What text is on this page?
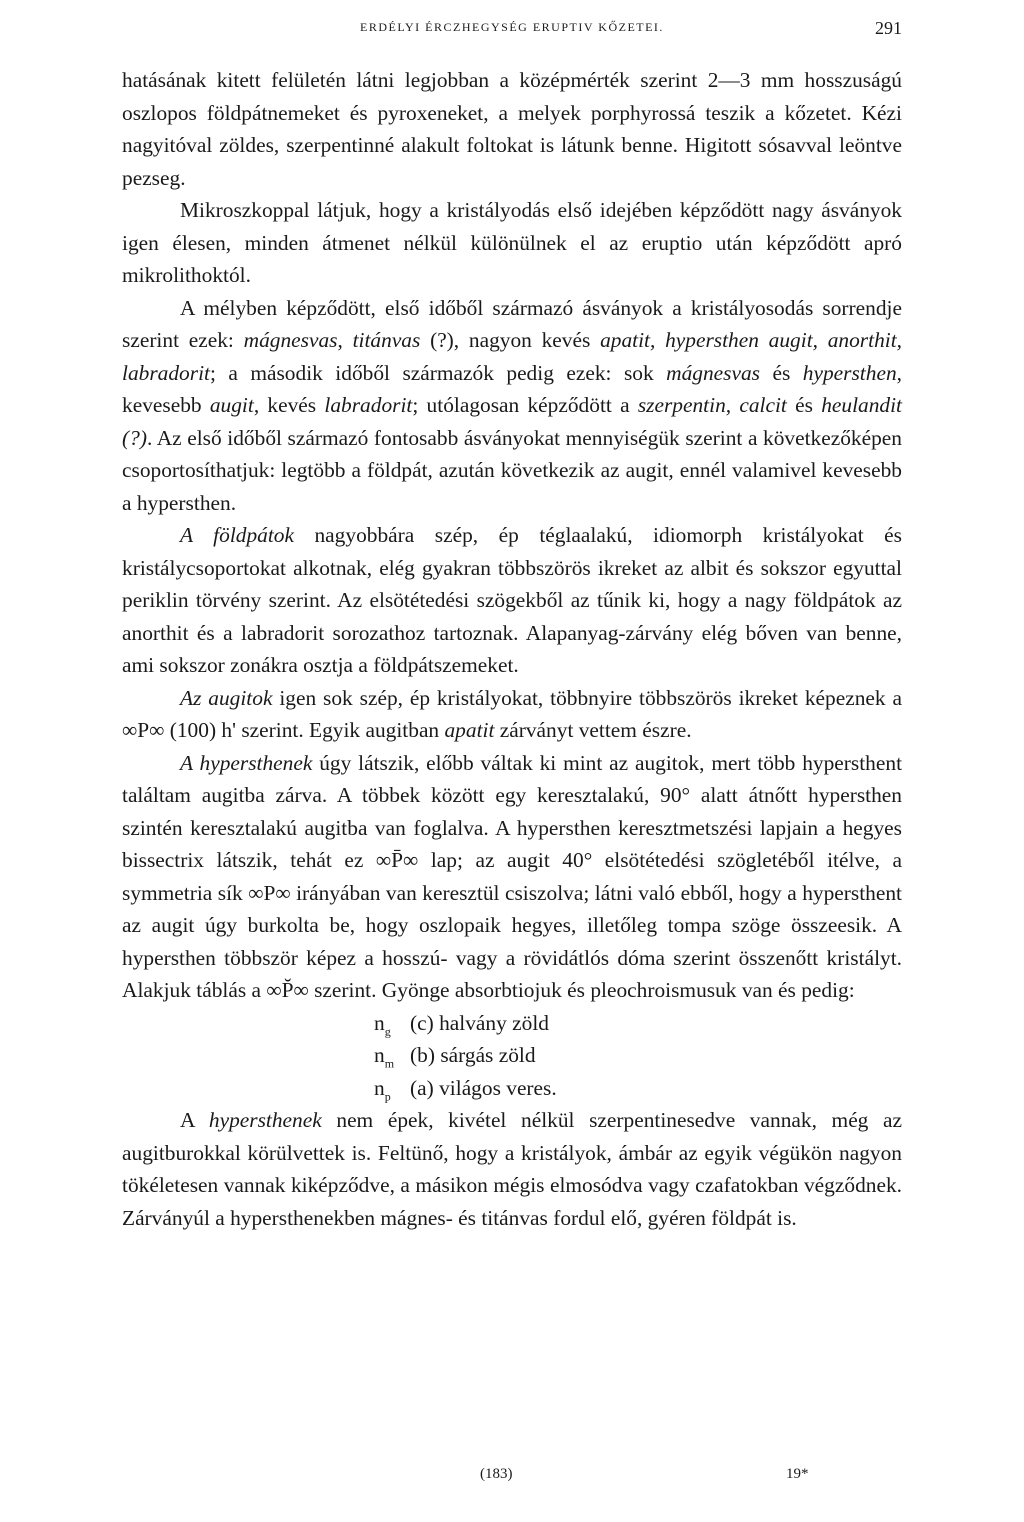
ERDÉLYI ÉRCZHEGYSÉG ERUPTIV KŐZETEI.	291

hatásának kitett felületén látni legjobban a középmérték szerint 2—3 mm hosszuságú oszlopos földpátnemeket és pyroxeneket, a melyek porphyrossá teszik a kőzetet. Kézi nagyitóval zöldes, szerpentinné alakult foltokat is látunk benne. Higitott sósavval leöntve pezseg.

Mikroszkoppal látjuk, hogy a kristályodás első idejében képződött nagy ásványok igen élesen, minden átmenet nélkül különülnek el az eruptio után képződött apró mikrolithoktól.

A mélyben képződött, első időből származó ásványok a kristályosodás sorrendje szerint ezek: mágnesvas, titánvas (?), nagyon kevés apatit, hypersthen augit, anorthit, labradorit; a második időből származók pedig ezek: sok mágnesvas és hypersthen, kevesebb augit, kevés labradorit; utólagosan képződött a szerpentin, calcit és heulandit (?). Az első időből származó fontosabb ásványokat mennyiségük szerint a következőképen csoportosíthatjuk: legtöbb a földpát, azután következik az augit, ennél valamivel kevesebb a hypersthen.

A földpátok nagyobbára szép, ép téglaalakú, idiomorph kristályokat és kristálycsoportokat alkotnak, elég gyakran többszörös ikreket az albit és sokszor egyuttal periklin törvény szerint. Az elsötétedési szögekből az tűnik ki, hogy a nagy földpátok az anorthit és a labradorit sorozathoz tartoznak. Alapanyag-zárvány elég bőven van benne, ami sokszor zonákra osztja a földpátszemeket.

Az augitok igen sok szép, ép kristályokat, többnyire többszörös ikreket képeznek a ∞P∞ (100) h' szerint. Egyik augitban apatit zárványt vettem észre.

A hypersthenek úgy látszik, előbb váltak ki mint az augitok, mert több hypersthent találtam augitba zárva. A többek között egy keresztalakú, 90° alatt átnőtt hypersthen szintén keresztalakú augitba van foglalva. A hypersthen keresztmetszési lapjain a hegyes bissectrix látszik, tehát ez ∞P̄∞ lap; az augit 40° elsötétedési szögletéből itélve, a symmetria sík ∞P∞ irányában van keresztül csiszolva; látni való ebből, hogy a hypersthent az augit úgy burkolta be, hogy oszlopaik hegyes, illetőleg tompa szöge összeesik. A hypersthen többször képez a hosszú- vagy a rövidátlós dóma szerint összenőtt kristályt. Alakjuk táblás a ∞P̆∞ szerint. Gyönge absorbtiojuk és pleochroismusuk van és pedig:

$n_g$ (c) halvány zöld
$n_m$ (b) sárgás zöld
$n_p$ (a) világos veres.

A hypersthenek nem épek, kivétel nélkül szerpentinesedve vannak, még az augitburokkal körülvettek is. Feltünő, hogy a kristályok, ámbár az egyik végükön nagyon tökéletesen vannak kiképződve, a másikon mégis elmosódva vagy czafatokban végződnek. Zárványúl a hypersthenekben mágnes- és titánvas fordul elő, gyéren földpát is.

(183)	19*
